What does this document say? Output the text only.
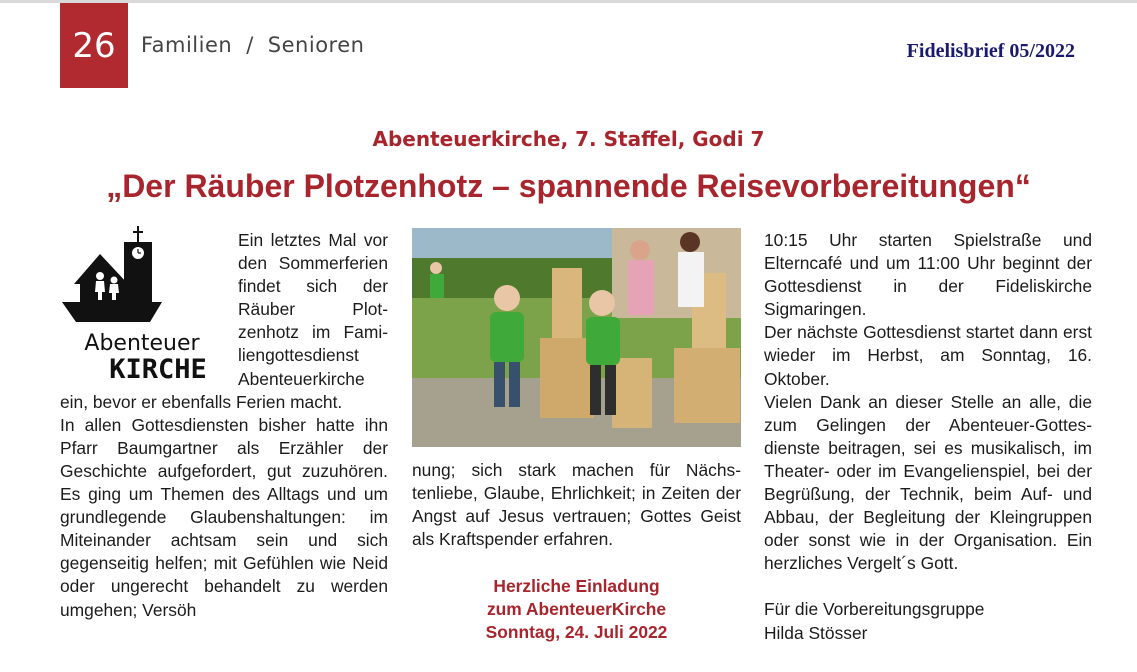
26	Familien / Senioren	Fidelisbrief 05/2022
Abenteuerkirche, 7. Staffel, Godi 7
„Der Räuber Plotzenhotz – spannende Reisevorbereitungen“
Abenteuer
KIRCHE

Ein letztes Mal vor den Sommerferien findet sich der Räuber Plotzenhotz im Familiengottesdienst Abenteuerkirche ein, bevor er ebenfalls Ferien macht.

In allen Gottesdiensten bisher hatte ihn Pfarr Baumgartner als Erzähler der Geschichte aufgefordert, gut zuzuhören. Es ging um Themen des Alltags und um grundlegende Glaubenshaltungen: im Miteinander achtsam sein und sich gegenseitig helfen; mit Gefühlen wie Neid oder ungerecht behandelt zu werden umgehen; Versöh

nung; sich stark machen für Nächstenliebe, Glaube, Ehrlichkeit; in Zeiten der Angst auf Jesus vertrauen; Gottes Geist als Kraftspender erfahren.

Herzliche Einladung
zum AbenteuerKirche
Sonntag, 24. Juli 2022

10:15 Uhr starten Spielstraße und Elterncafé und um 11:00 Uhr beginnt der Gottesdienst in der Fideliskirche Sigmaringen.

Der nächste Gottesdienst startet dann erst wieder im Herbst, am Sonntag, 16. Oktober.

Vielen Dank an dieser Stelle an alle, die zum Gelingen der Abenteuer-Gottesdienste beitragen, sei es musikalisch, im Theater- oder im Evangelienspiel, bei der Begrüßung, der Technik, beim Auf- und Abbau, der Begleitung der Kleingruppen oder sonst wie in der Organisation. Ein herzliches Vergelt´s Gott.

Für die Vorbereitungsgruppe

Hilda Stösser
